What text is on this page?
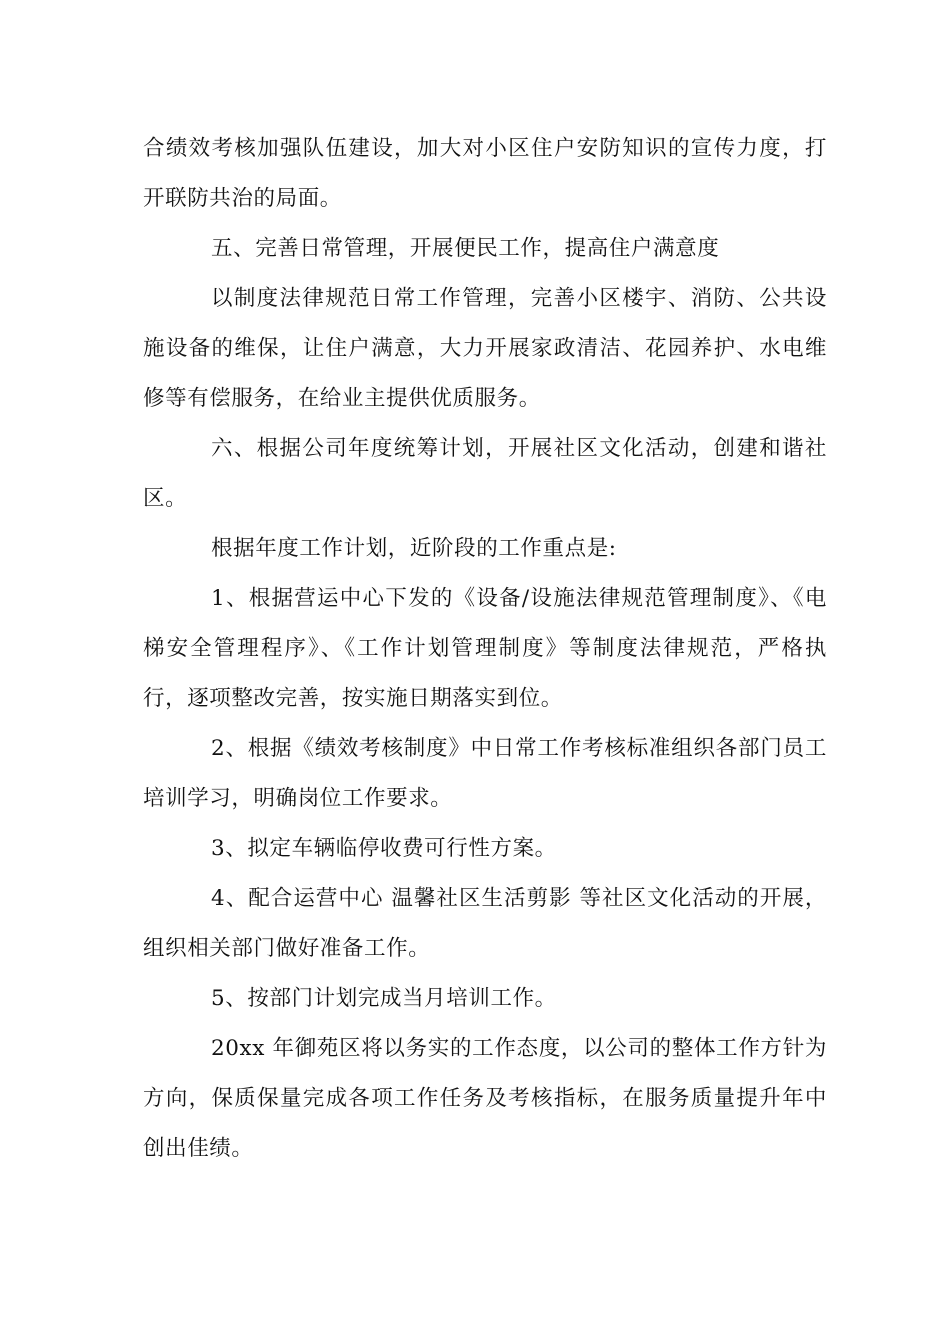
合绩效考核加强队伍建设，加大对小区住户安防知识的宣传力度，打开联防共治的局面。

五、完善日常管理，开展便民工作，提高住户满意度

以制度法律规范日常工作管理，完善小区楼宇、消防、公共设施设备的维保，让住户满意，大力开展家政清洁、花园养护、水电维修等有偿服务，在给业主提供优质服务。

六、根据公司年度统筹计划，开展社区文化活动，创建和谐社区。

根据年度工作计划，近阶段的工作重点是:

1、根据营运中心下发的《设备/设施法律规范管理制度》、《电梯安全管理程序》、《工作计划管理制度》等制度法律规范，严格执行，逐项整改完善，按实施日期落实到位。

2、根据《绩效考核制度》中日常工作考核标准组织各部门员工培训学习，明确岗位工作要求。

3、拟定车辆临停收费可行性方案。

4、配合运营中心 温馨社区生活剪影 等社区文化活动的开展，组织相关部门做好准备工作。

5、按部门计划完成当月培训工作。

20xx 年御苑区将以务实的工作态度，以公司的整体工作方针为方向，保质保量完成各项工作任务及考核指标，在服务质量提升年中创出佳绩。
